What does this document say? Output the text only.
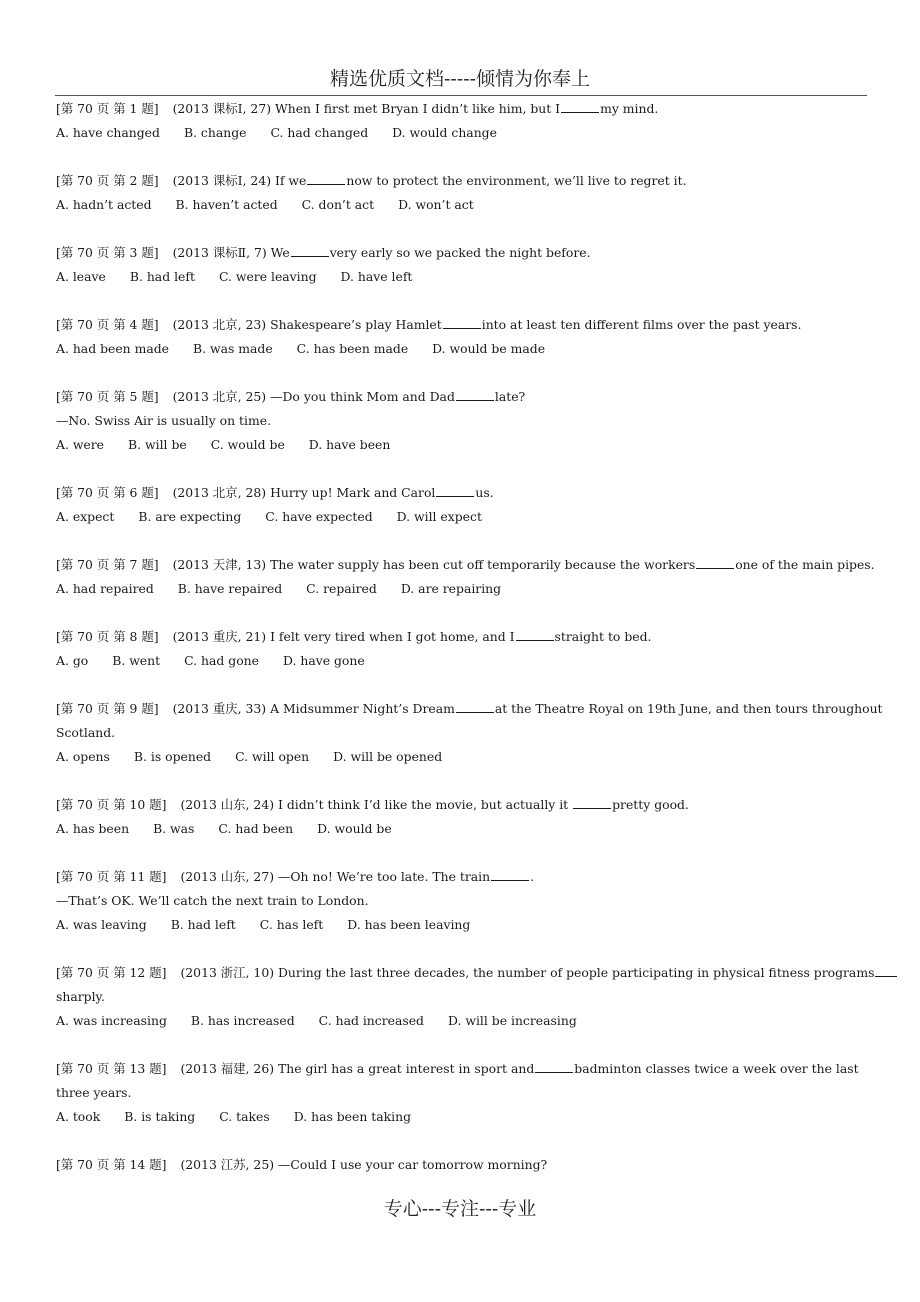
精选优质文档-----倾情为你奉上
[第 70 页 第 1 题] (2013 课标Ⅰ, 27) When I first met Bryan I didn’t like him, but I	my mind.
A. have changed B. change C. had changed D. would change
[第 70 页 第 2 题] (2013 课标Ⅰ, 24) If we	now to protect the environment, we’ll live to regret it.
A. hadn’t acted B. haven’t acted C. don’t act D. won’t act
[第 70 页 第 3 题] (2013 课标Ⅱ, 7) We	very early so we packed the night before.
A. leave B. had left C. were leaving D. have left
[第 70 页 第 4 题] (2013 北京, 23) Shakespeare’s play Hamlet	into at least ten different films over the past years.
A. had been made B. was made C. has been made D. would be made
[第 70 页 第 5 题] (2013 北京, 25) —Do you think Mom and Dad	late?
—No. Swiss Air is usually on time.
A. were B. will be C. would be D. have been
[第 70 页 第 6 题] (2013 北京, 28) Hurry up! Mark and Carol	us.
A. expect B. are expecting C. have expected D. will expect
[第 70 页 第 7 题] (2013 天津, 13) The water supply has been cut off temporarily because the workers	one of the main pipes.
A. had repaired B. have repaired C. repaired D. are repairing
[第 70 页 第 8 题] (2013 重庆, 21) I felt very tired when I got home, and I	straight to bed.
A. go B. went C. had gone D. have gone
[第 70 页 第 9 题] (2013 重庆, 33) A Midsummer Night’s Dream	at the Theatre Royal on 19th June, and then tours throughout
Scotland.
A. opens B. is opened C. will open D. will be opened
[第 70 页 第 10 题] (2013 山东, 24) I didn’t think I’d like the movie, but actually it	pretty good.
A. has been B. was C. had been D. would be
[第 70 页 第 11 题] (2013 山东, 27) —Oh no! We’re too late. The train	.
—That’s OK. We’ll catch the next train to London.
A. was leaving B. had left C. has left D. has been leaving
[第 70 页 第 12 题] (2013 浙江, 10) During the last three decades, the number of people participating in physical fitness programs
sharply.
A. was increasing B. has increased C. had increased D. will be increasing
[第 70 页 第 13 题] (2013 福建, 26) The girl has a great interest in sport and	badminton classes twice a week over the last
three years.
A. took B. is taking C. takes D. has been taking
[第 70 页 第 14 题] (2013 江苏, 25) —Could I use your car tomorrow morning?
专心---专注---专业
